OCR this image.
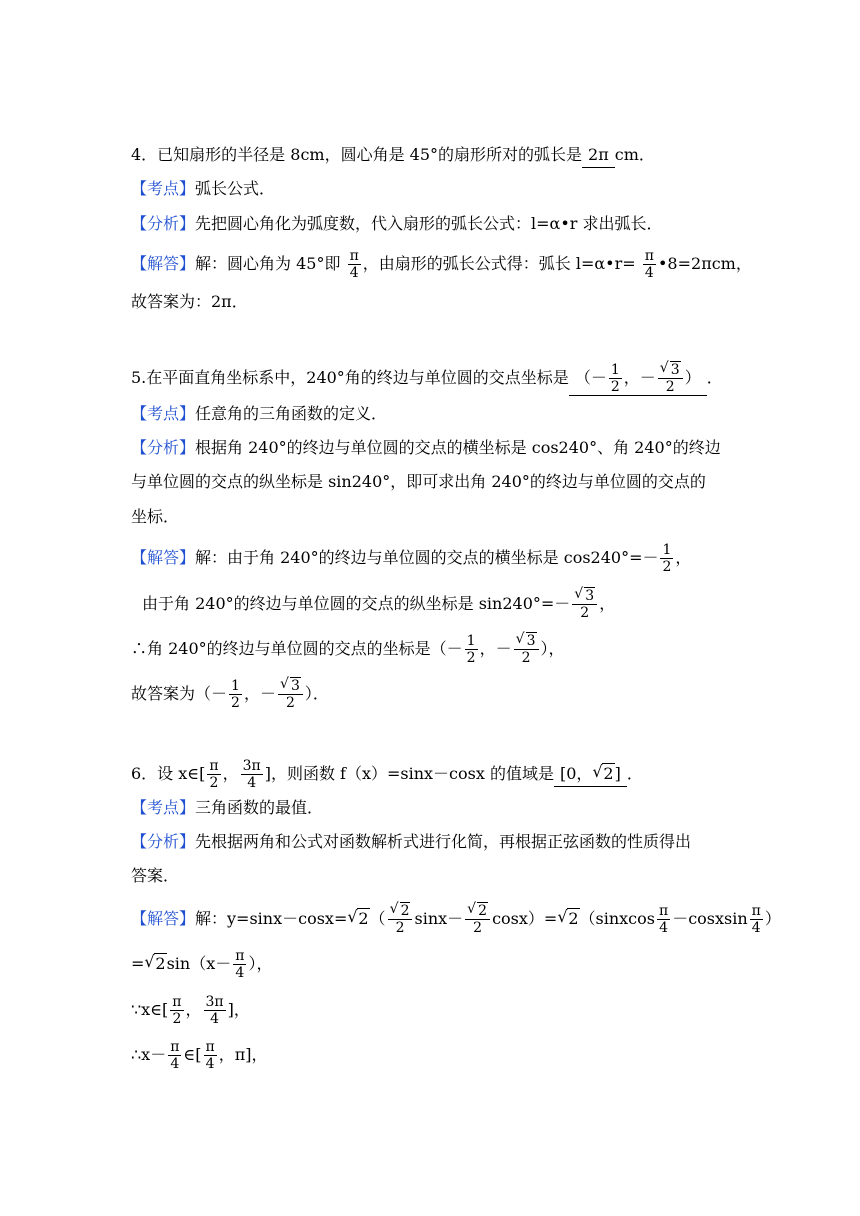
4．已知扇形的半径是 8cm，圆心角是 45°的扇形所对的弧长是 2π cm．
【考点】弧长公式．
【分析】先把圆心角化为弧度数，代入扇形的弧长公式：l=α•r 求出弧长．
【解答】解：圆心角为 45°即 $\frac{\pi}{4}$ ，由扇形的弧长公式得：弧长 l=α•r= $\frac{\pi}{4}$ •8=2πcm，
故答案为：2π．
5.在平面直角坐标系中，240°角的终边与单位圆的交点坐标是 （－ $\frac{1}{2}$ ，－
√ $\frac{3}{2}$ ） ．
【考点】任意角的三角函数的定义．
【分析】根据角 240°的终边与单位圆的交点的横坐标是 cos240°、角 240°的终边
与单位圆的交点的纵坐标是 sin240°，即可求出角 240°的终边与单位圆的交点的
坐标．
【解答】解：由于角 240°的终边与单位圆的交点的横坐标是 $\cos 240^\circ=- \frac{1}{2}$ ，
由于角 240°的终边与单位圆的交点的纵坐标是 sin240°=－
√ $\frac{3}{2}$ ，
∴角 240°的终边与单位圆的交点的坐标是（－ $\frac{1}{2}$ ，－
√ $\frac{3}{2}$ ），
故答案为（－ $\frac{1}{2}$ ，－
√ $\frac{3}{2}$ ）．
6．设 x∈[ $\frac{\pi}{2}$ ， $\frac{3\pi}{4}$ ]，则函数 f（x）=sinx－cosx 的值域是 [0，√ 2] ．
【考点】三角函数的最值．
【分析】先根据两角和公式对函数解析式进行化简，再根据正弦函数的性质得出
答案．
【解答】解：y=sinx－cosx=√ 2（
√ $\frac{2}{2} \sin x-$
√ $\frac{2}{2} \cos x)=√$ 2（sinxcos $\frac{\pi}{4}$ －cosxsin $\frac{\pi}{4}$ ）
=√ $2\sin(x- \frac{\pi}{4}$ ），
∵x∈[ $\frac{\pi}{2}$ ， $\frac{3\pi}{4}$ ]，
∴x－ $\frac{\pi}{4}$ ∈[ $\frac{\pi}{4}$ ，π]，
